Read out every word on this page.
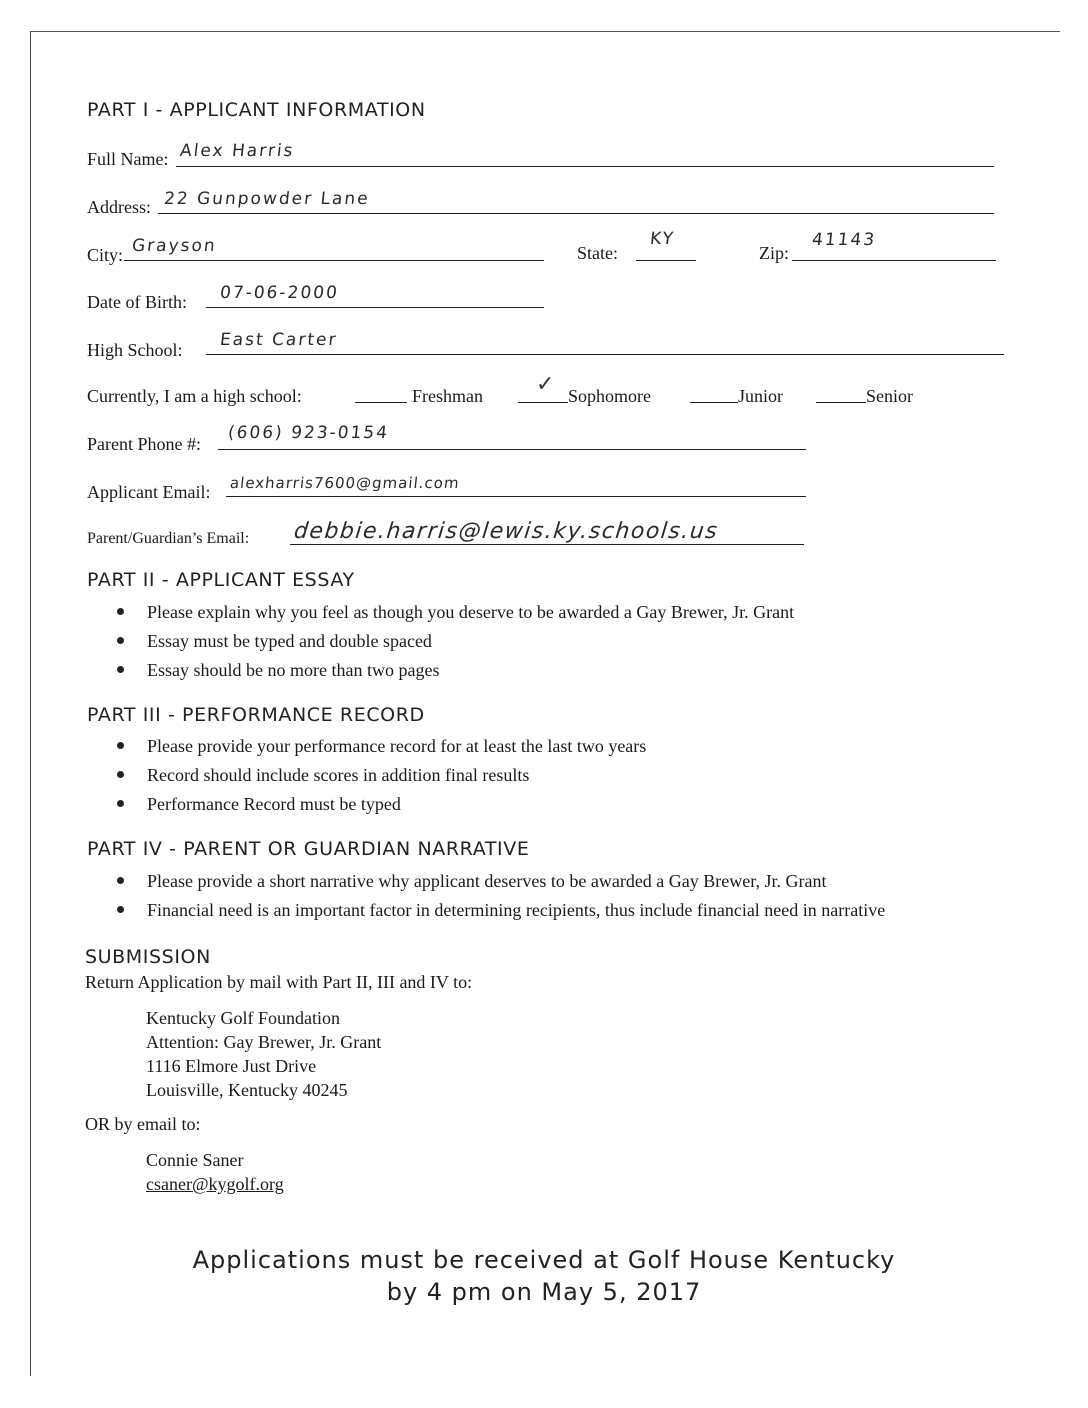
PART I - APPLICANT INFORMATION
Full Name: Alex Harris
Address: 22 Gunpowder Lane
City: Grayson	State:
KY
Zip:
41143
Date of Birth: 07-06-2000
High School: East Carter
Currently, I am a high school:	Freshman ✓ Sophomore	Junior	Senior
Parent Phone #:
(606) 923-0154
Applicant Email: alexharris7600@gmail.com
Parent/Guardian’s Email: debbie.harris@lewis.ky.schools.us
PART II - APPLICANT ESSAY
Please explain why you feel as though you deserve to be awarded a Gay Brewer, Jr. Grant
Essay must be typed and double spaced
Essay should be no more than two pages
PART III - PERFORMANCE RECORD
Please provide your performance record for at least the last two years
Record should include scores in addition final results
Performance Record must be typed
PART IV - PARENT OR GUARDIAN NARRATIVE
Please provide a short narrative why applicant deserves to be awarded a Gay Brewer, Jr. Grant
Financial need is an important factor in determining recipients, thus include financial need in narrative
SUBMISSION
Return Application by mail with Part II, III and IV to:
Kentucky Golf Foundation
Attention: Gay Brewer, Jr. Grant
1116 Elmore Just Drive
Louisville, Kentucky 40245
OR by email to:
Connie Saner
csaner@kygolf.org
Applications must be received at Golf House Kentucky
by 4 pm on May 5, 2017
